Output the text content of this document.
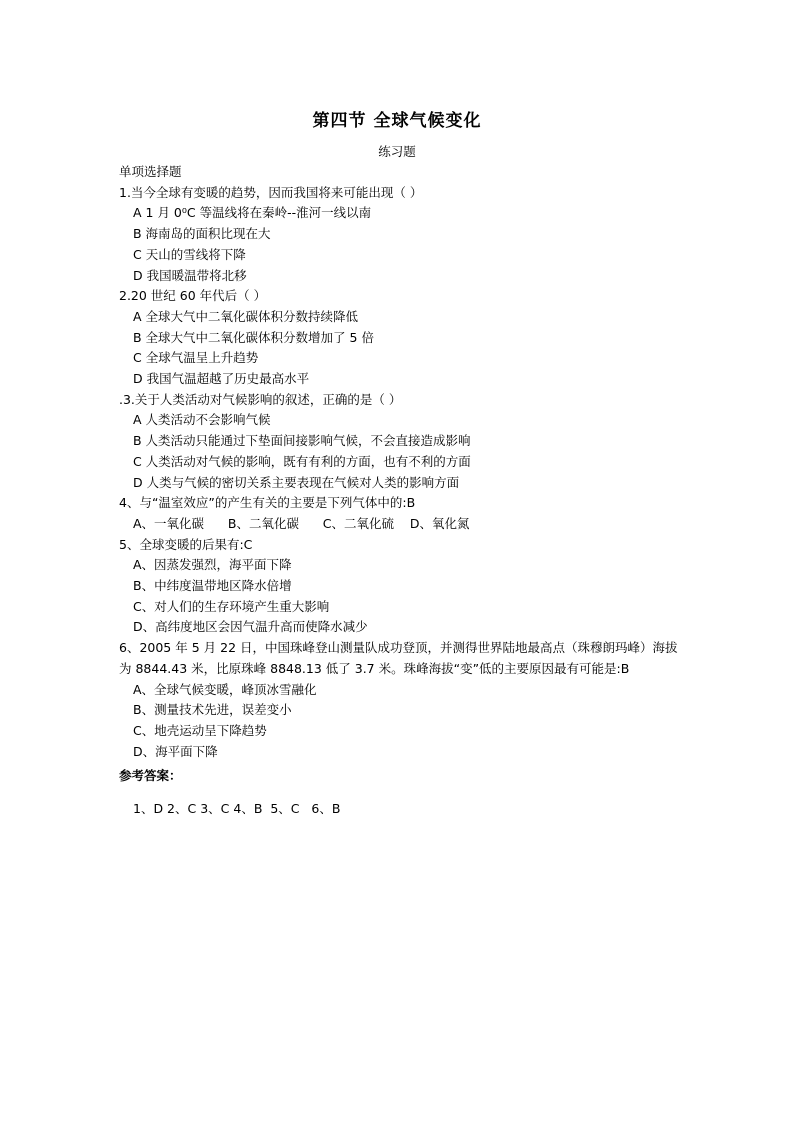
第四节 全球气候变化
练习题
单项选择题
1.当今全球有变暖的趋势，因而我国将来可能出现（ ）
A 1 月 0⁰C 等温线将在秦岭--淮河一线以南
B 海南岛的面积比现在大
C 天山的雪线将下降
D 我国暖温带将北移
2.20 世纪 60 年代后（ ）
A 全球大气中二氧化碳体积分数持续降低
B 全球大气中二氧化碳体积分数增加了 5 倍
C 全球气温呈上升趋势
D 我国气温超越了历史最高水平
.3.关于人类活动对气候影响的叙述，正确的是（ ）
A 人类活动不会影响气候
B 人类活动只能通过下垫面间接影响气候，不会直接造成影响
C 人类活动对气候的影响，既有有利的方面，也有不利的方面
D 人类与气候的密切关系主要表现在气候对人类的影响方面
4、与“温室效应”的产生有关的主要是下列气体中的:B
A、一氧化碳      B、二氧化碳      C、二氧化硫    D、氧化氮
5、全球变暖的后果有:C
A、因蒸发强烈，海平面下降
B、中纬度温带地区降水倍增
C、对人们的生存环境产生重大影响
D、高纬度地区会因气温升高而使降水减少
6、2005 年 5 月 22 日，中国珠峰登山测量队成功登顶，并测得世界陆地最高点（珠穆朗玛峰）海拔为 8844.43 米，比原珠峰 8848.13 低了 3.7 米。珠峰海拔“变”低的主要原因最有可能是:B
A、全球气候变暖，峰顶冰雪融化
B、测量技术先进，误差变小
C、地壳运动呈下降趋势
D、海平面下降
参考答案：
1、D 2、C 3、C 4、B  5、C   6、B
